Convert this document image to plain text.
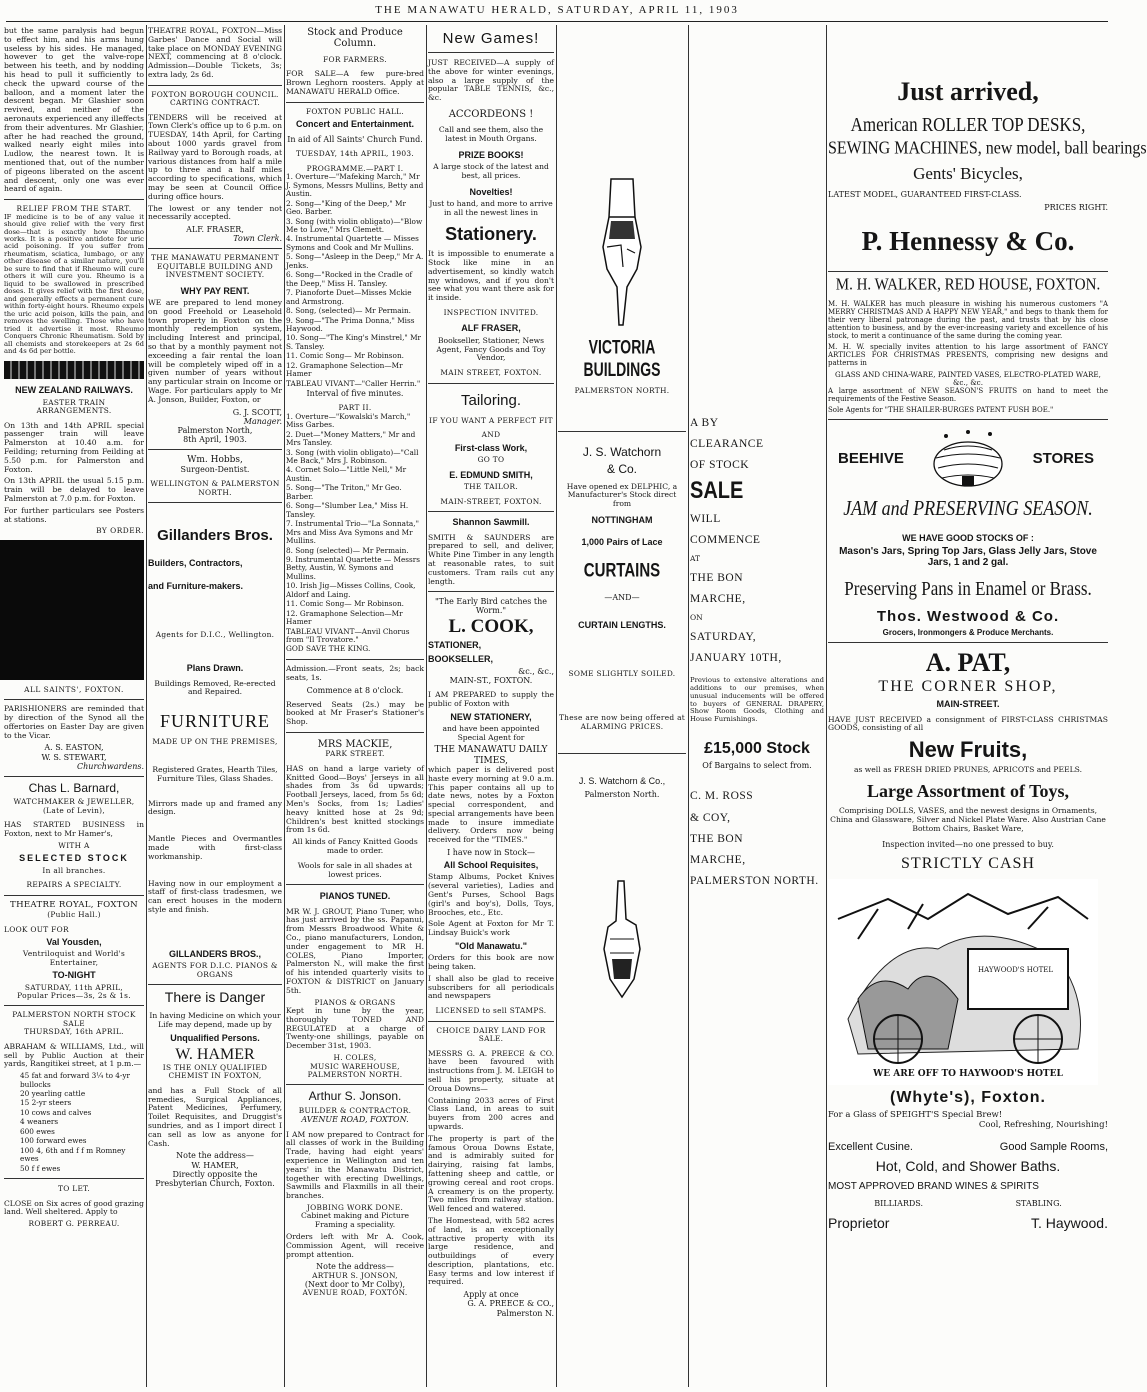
THE MANAWATU HERALD, SATURDAY, APRIL 11, 1903

but the same paralysis had begun to effect him, and his arms hung useless by his sides. He managed, however to get the valve-rope between his teeth, and by nodding his head to pull it sufficiently to check the upward course of the balloon, and a moment later the descent began. Mr Glashier soon revived, and neither of the aeronauts experienced any illeffects from their adventures. Mr Glashier, after he had reached the ground, walked nearly eight miles into Ludlow, the nearest town. It is mentioned that, out of the number of pigeons liberated on the ascent and descent, only one was ever heard of again.

RELIEF FROM THE START.

IF medicine is to be of any value it should give relief with the very first dose—that is exactly how Rheumo works. It is a positive antidote for uric acid poisoning. If you suffer from rheumatism, sciatica, lumbago, or any other disease of a similar nature, you'll be sure to find that if Rheumo will cure others it will cure you. Rheumo is a liquid to be swallowed in prescribed doses. It gives relief with the first dose, and generally effects a permanent cure within forty-eight hours. Rheumo expels the uric acid poison, kills the pain, and removes the swelling. Those who have tried it advertise it most. Rheumo Conquers Chronic Rheumatism. Sold by all chemists and storekeepers at 2s 6d and 4s 6d per bottle.

NEW ZEALAND RAILWAYS.
EASTER TRAIN ARRANGEMENTS.

On 13th and 14th APRIL special passenger train will leave Palmerston at 10.40 a.m. for Feilding; returning from Feilding at 5.50 p.m. for Palmerston and Foxton.

On 13th APRIL the usual 5.15 p.m. train will be delayed to leave Palmerston at 7.0 p.m. for Foxton.

For further particulars see Posters at stations.

BY ORDER.
ALL SAINTS', FOXTON.

PARISHIONERS are reminded that by direction of the Synod all the offertories on Easter Day are given to the Vicar.

A. S. EASTON,
W. S. STEWART,
Churchwardens.
Chas L. Barnard,
WATCHMAKER & JEWELLER,
(Late of Levin),

HAS STARTED BUSINESS in Foxton, next to Mr Hamer's,

WITH A
SELECTED STOCK
In all branches.
REPAIRS A SPECIALTY.
THEATRE ROYAL, FOXTON
(Public Hall.)
LOOK OUT FOR
Val Yousden,
Ventriloquist and World's Entertainer,
TO-NIGHT
SATURDAY, 11th APRIL,
Popular Prices—3s, 2s & 1s.
PALMERSTON NORTH STOCK SALE
THURSDAY, 16th APRIL.

ABRAHAM & WILLIAMS, Ltd., will sell by Public Auction at their yards, Rangitikei street, at 1 p.m.—

45 fat and forward 3¼ to 4-yr bullocks

20 yearling cattle

15 2-yr steers

10 cows and calves

4 weaners

600 ewes

100 forward ewes

100 4, 6th and f f m Romney ewes

50 f f ewes

TO LET.

CLOSE on Six acres of good grazing land. Well sheltered. Apply to

ROBERT G. PERREAU.

THEATRE ROYAL, FOXTON—Miss Garbes' Dance and Social will take place on MONDAY EVENING NEXT, commencing at 8 o'clock. Admission—Double Tickets, 3s; extra lady, 2s 6d.

FOXTON BOROUGH COUNCIL.
CARTING CONTRACT.

TENDERS will be received at Town Clerk's office up to 6 p.m. on TUESDAY, 14th April, for Carting about 1000 yards gravel from Railway yard to Borough roads, at various distances from half a mile up to three and a half miles according to specifications, which may be seen at Council Office during office hours.

The lowest or any tender not necessarily accepted.

ALF. FRASER,
Town Clerk.
THE MANAWATU PERMANENT EQUITABLE BUILDING AND INVESTMENT SOCIETY.
WHY PAY RENT.

WE are prepared to lend money on good Freehold or Leasehold town property in Foxton on the monthly redemption system, including Interest and principal, so that by a monthly payment not exceeding a fair rental the loan will be completely wiped off in a given number of years without any particular strain on Income or Wage. For particulars apply to Mr A. Jonson, Builder, Foxton, or

G. J. SCOTT,
Manager.
Palmerston North,
8th April, 1903.
Wm. Hobbs,
Surgeon-Dentist.
WELLINGTON & PALMERSTON NORTH.
Gillanders Bros.
Builders, Contractors,
and Furniture-makers.
Agents for D.I.C., Wellington.
Plans Drawn.

Buildings Removed, Re-erected and Repaired.

FURNITURE
MADE UP ON THE PREMISES,

Registered Grates, Hearth Tiles, Furniture Tiles, Glass Shades.

Mirrors made up and framed any design.

Mantle Pieces and Overmantles made with first-class workmanship.

Having now in our employment a staff of first-class tradesmen, we can erect houses in the modern style and finish.

GILLANDERS BROS.,
AGENTS FOR D.I.C. PIANOS & ORGANS
There is Danger

In having Medicine on which your Life may depend, made up by

Unqualified Persons.
W. HAMER
IS THE ONLY QUALIFIED CHEMIST IN FOXTON,

and has a Full Stock of all remedies, Surgical Appliances, Patent Medicines, Perfumery, Toilet Requisites, and Druggist's sundries, and as I import direct I can sell as low as anyone for Cash.

Note the address—
W. HAMER,
Directly opposite the Presbyterian Church, Foxton.
Stock and Produce Column.
FOR FARMERS.

FOR SALE—A few pure-bred Brown Leghorn roosters. Apply at MANAWATU HERALD Office.

FOXTON PUBLIC HALL.
Concert and Entertainment.
In aid of All Saints' Church Fund.
TUESDAY, 14th APRIL, 1903.
PROGRAMME.—PART I.

1. Overture—"Mafeking March," Mr J. Symons, Messrs Mullins, Betty and Austin.

2. Song—"King of the Deep," Mr Geo. Barber.

3. Song (with violin obligato)—"Blow Me to Love," Mrs Clemett.

4. Instrumental Quartette — Misses Symons and Cook and Mr Mullins.

5. Song—"Asleep in the Deep," Mr A. Jenks.

6. Song—"Rocked in the Cradle of the Deep," Miss H. Tansley.

7. Pianoforte Duet—Misses Mckie and Armstrong.

8. Song, (selected)— Mr Permain.

9. Song—"The Prima Donna," Miss Haywood.

10. Song—"The King's Minstrel," Mr S. Tansley.

11. Comic Song— Mr Robinson.

12. Gramaphone Selection—Mr Hamer

TABLEAU VIVANT—"Caller Herrin."

Interval of five minutes.
PART II.

1. Overture—"Kowalski's March," Miss Garbes.

2. Duet—"Money Matters," Mr and Mrs Tansley.

3. Song (with violin obligato)—"Call Me Back," Mrs J. Robinson.

4. Cornet Solo—"Little Nell," Mr Austin.

5. Song—"The Triton," Mr Geo. Barber.

6. Song—"Slumber Lea," Miss H. Tansley.

7. Instrumental Trio—"La Sonnata," Mrs and Miss Ava Symons and Mr Mullins.

8. Song (selected)— Mr Permain.

9. Instrumental Quartette — Messrs Betty, Austin, W. Symons and Mullins.

10. Irish Jig—Misses Collins, Cook, Aldorf and Laing.

11. Comic Song— Mr Robinson.

12. Gramaphone Selection—Mr Hamer

TABLEAU VIVANT—Anvil Chorus from "Il Trovatore."

GOD SAVE THE KING.

Admission.—Front seats, 2s; back seats, 1s.

Commence at 8 o'clock.

Reserved Seats (2s.) may be booked at Mr Fraser's Stationer's Shop.

MRS MACKIE,
PARK STREET.

HAS on hand a large variety of Knitted Good—Boys' Jerseys in all shades from 3s 6d upwards; Football Jerseys, laced, from 5s 6d; Men's Socks, from 1s; Ladies' heavy knitted hose at 2s 9d; Children's best knitted stockings from 1s 6d.

All kinds of Fancy Knitted Goods made to order.

Wools for sale in all shades at lowest prices.

PIANOS TUNED.

MR W. J. GROUT, Piano Tuner, who has just arrived by the ss. Papanui, from Messrs Broadwood White & Co., piano manufacturers, London, under engagement to MR H. COLES, Piano Importer, Palmerston N., will make the first of his intended quarterly visits to FOXTON & DISTRICT on January 5th.

PIANOS & ORGANS

Kept in tune by the year, thoroughly TONED AND REGULATED at a charge of Twenty-one shillings, payable on December 31st, 1903.

H. COLES,
MUSIC WAREHOUSE,
PALMERSTON NORTH.
Arthur S. Jonson.
BUILDER & CONTRACTOR.
AVENUE ROAD, FOXTON.

I AM now prepared to Contract for all classes of work in the Building Trade, having had eight years' experience in Wellington and ten years' in the Manawatu District, together with erecting Dwellings, Sawmills and Flaxmills in all their branches.

JOBBING WORK DONE.

Cabinet making and Picture Framing a speciality.

Orders left with Mr A. Cook, Commission Agent, will receive prompt attention.

Note the address—
ARTHUR S. JONSON,
(Next door to Mr Colby),
AVENUE ROAD, FOXTON.
New Games!

JUST RECEIVED—A supply of the above for winter evenings, also a large supply of the popular TABLE TENNIS, &c., &c.

ACCORDEONS !

Call and see them, also the latest in Mouth Organs.

PRIZE BOOKS!

A large stock of the latest and best, all prices.

Novelties!

Just to hand, and more to arrive in all the newest lines in

Stationery.

It is impossible to enumerate a Stock like mine in an advertisement, so kindly watch my windows, and if you don't see what you want there ask for it inside.

INSPECTION INVITED.
ALF FRASER,

Bookseller, Stationer, News Agent, Fancy Goods and Toy Vendor,

MAIN STREET, FOXTON.
Tailoring.
IF YOU WANT A PERFECT FIT
AND
First-class Work,
GO TO
E. EDMUND SMITH,
THE TAILOR.
MAIN-STREET, FOXTON.
Shannon Sawmill.

SMITH & SAUNDERS are prepared to sell, and deliver, White Pine Timber in any length at reasonable rates, to suit customers. Tram rails cut any length.

"The Early Bird catches the Worm."
L. COOK,
STATIONER,
BOOKSELLER,
&c., &c.,
MAIN-ST., FOXTON.

I AM PREPARED to supply the public of Foxton with

NEW STATIONERY,

and have been appointed Special Agent for

THE MANAWATU DAILY TIMES,

which paper is delivered post haste every morning at 9.0 a.m. This paper contains all up to date news, notes by a Foxton special correspondent, and special arrangements have been made to insure immediate delivery. Orders now being received for the "TIMES."

I have now in Stock—
All School Requisites,

Stamp Albums, Pocket Knives (several varieties), Ladies and Gent's Purses, School Bags (girl's and boy's), Dolls, Toys, Brooches, etc., Etc.

Sole Agent at Foxton for Mr T. Lindsay Buick's work

"Old Manawatu."

Orders for this book are now being taken.

I shall also be glad to receive subscribers for all periodicals and newspapers

LICENSED to sell STAMPS.
CHOICE DAIRY LAND FOR SALE.

MESSRS G. A. PREECE & CO. have been favoured with instructions from J. M. LEIGH to sell his property, situate at Oroua Downs—

Containing 2033 acres of First Class Land, in areas to suit buyers from 200 acres and upwards.

The property is part of the famous Oroua Downs Estate, and is admirably suited for dairying, raising fat lambs, fattening sheep and cattle, or growing cereal and root crops. A creamery is on the property. Two miles from railway station. Well fenced and watered.

The Homestead, with 582 acres of land, is an exceptionally attractive property with its large residence, and outbuildings of every description, plantations, etc. Easy terms and low interest if required.

Apply at once
G. A. PREECE & CO.,
Palmerston N.
VICTORIA BUILDINGS
PALMERSTON NORTH.
J. S. Watchorn
& Co.

Have opened ex DELPHIC, a Manufacturer's Stock direct from

NOTTINGHAM
1,000 Pairs of Lace
CURTAINS
—AND—
CURTAIN LENGTHS.
SOME SLIGHTLY SOILED.
These are now being offered at ALARMING PRICES.
J. S. Watchorn & Co.,
Palmerston North.
A BY
CLEARANCE
OF STOCK
SALE
WILL
COMMENCE
AT
THE BON
MARCHE,
ON
SATURDAY,
JANUARY 10TH,

Previous to extensive alterations and additions to our premises, when unusual inducements will be offered to buyers of GENERAL DRAPERY, Show Room Goods, Clothing and House Furnishings.

£15,000 Stock
Of Bargains to select from.
C. M. ROSS
& COY,
THE BON
MARCHE,
PALMERSTON NORTH.
Just arrived,
American ROLLER TOP DESKS,
SEWING MACHINES, new model, ball bearings
Gents' Bicycles,
LATEST MODEL, GUARANTEED FIRST-CLASS.
PRICES RIGHT.
P. Hennessy & Co.
M. H. WALKER, RED HOUSE, FOXTON.

M. H. WALKER has much pleasure in wishing his numerous customers "A MERRY CHRISTMAS AND A HAPPY NEW YEAR," and begs to thank them for their very liberal patronage during the past, and trusts that by his close attention to business, and by the ever-increasing variety and excellence of his stock, to merit a continuance of the same during the coming year.

M. H. W. specially invites attention to his large assortment of FANCY ARTICLES FOR CHRISTMAS PRESENTS, comprising new designs and patterns in

GLASS AND CHINA-WARE, PAINTED VASES, ELECTRO-PLATED WARE, &c., &c.

A large assortment of NEW SEASON'S FRUITS on hand to meet the requirements of the Festive Season.

Sole Agents for "THE SHAILER-BURGES PATENT FUSH BOE."

BEEHIVE	STORES
JAM and PRESERVING SEASON.
WE HAVE GOOD STOCKS OF :
Mason's Jars, Spring Top Jars, Glass Jelly Jars, Stove Jars, 1 and 2 gal.
Preserving Pans in Enamel or Brass.
Thos. Westwood & Co.
Grocers, Ironmongers & Produce Merchants.
A. PAT,
THE CORNER SHOP,
MAIN-STREET.

HAVE JUST RECEIVED a consignment of FIRST-CLASS CHRISTMAS GOODS, consisting of all

New Fruits,
as well as FRESH DRIED PRUNES, APRICOTS and PEELS.
Large Assortment of Toys,

Comprising DOLLS, VASES, and the newest designs in Ornaments, China and Glassware, Silver and Nickel Plate Ware. Also Austrian Cane Bottom Chairs, Basket Ware,

Inspection invited—no one pressed to buy.
STRICTLY CASH
HAYWOOD'S HOTEL
WE ARE OFF TO HAYWOOD'S HOTEL
(Whyte's), Foxton.
For a Glass of SPEIGHT'S Special Brew!
Cool, Refreshing, Nourishing!
Excellent Cusine.	Good Sample Rooms,
Hot, Cold, and Shower Baths.
MOST APPROVED BRAND WINES & SPIRITS
BILLIARDS.	STABLING.
Proprietor	T. Haywood.
